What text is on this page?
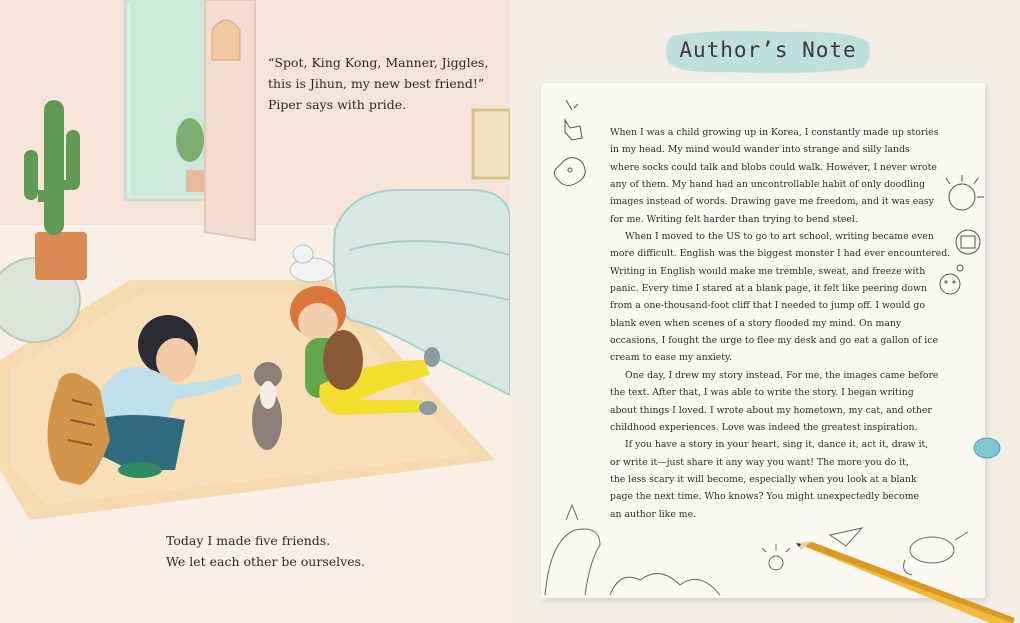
“Spot, King Kong, Manner, Jiggles,
this is Jihun, my new best friend!”
Piper says with pride.
Today I made five friends.
We let each other be ourselves.
Author’s Note
When I was a child growing up in Korea, I constantly made up stories
in my head. My mind would wander into strange and silly lands
where socks could talk and blobs could walk. However, I never wrote
any of them. My hand had an uncontrollable habit of only doodling
images instead of words. Drawing gave me freedom, and it was easy
for me. Writing felt harder than trying to bend steel.
When I moved to the US to go to art school, writing became even
more difficult. English was the biggest monster I had ever encountered.
Writing in English would make me tremble, sweat, and freeze with
panic. Every time I stared at a blank page, it felt like peering down
from a one-thousand-foot cliff that I needed to jump off. I would go
blank even when scenes of a story flooded my mind. On many
occasions, I fought the urge to flee my desk and go eat a gallon of ice
cream to ease my anxiety.
One day, I drew my story instead. For me, the images came before
the text. After that, I was able to write the story. I began writing
about things I loved. I wrote about my hometown, my cat, and other
childhood experiences. Love was indeed the greatest inspiration.
If you have a story in your heart, sing it, dance it, act it, draw it,
or write it—just share it any way you want! The more you do it,
the less scary it will become, especially when you look at a blank
page the next time. Who knows? You might unexpectedly become
an author like me.
